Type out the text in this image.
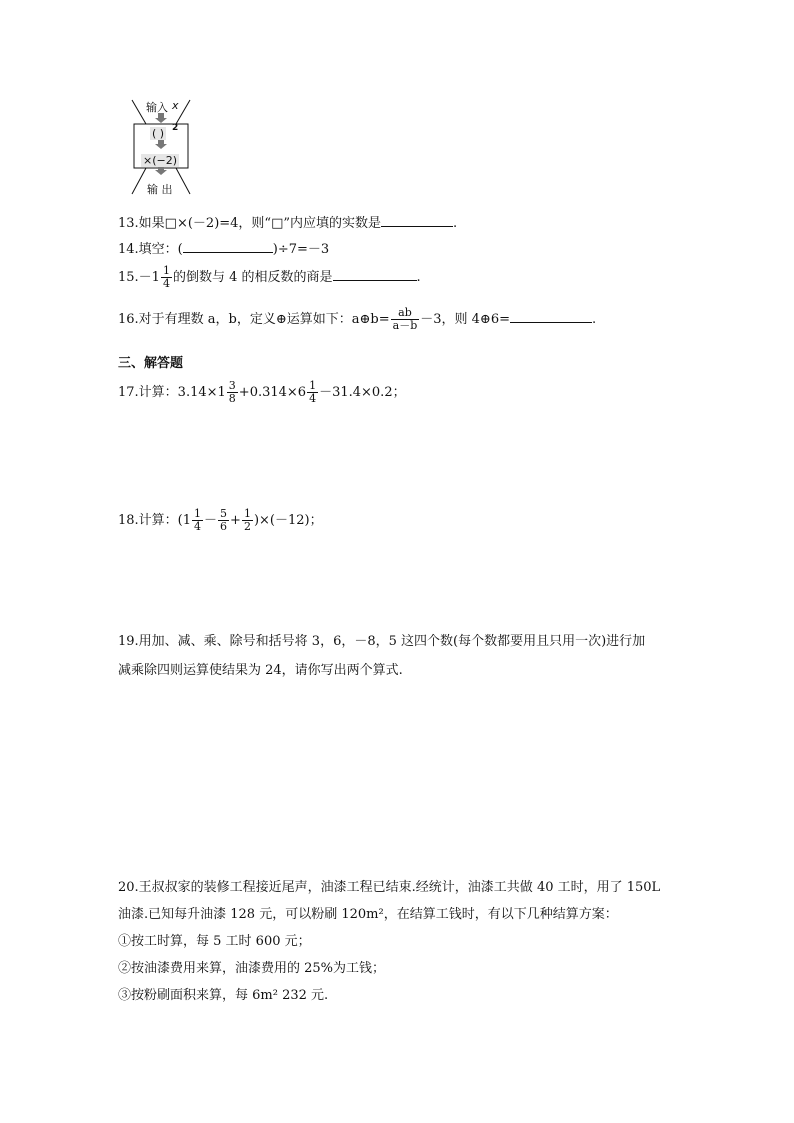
输入 x
( ) 2
×(−2)
输 出
13.如果□×(－2)=4，则“□”内应填的实数是	.
14.填空：(	)÷7=－3
$15.-1 \frac{1}{4}$ 的倒数与 4 的相反数的商是	.
16.对于有理数 a，b，定义⊕运算如下：a⊕b= $\frac{ab}{a-b} -3$，则 4⊕6=	.
三、解答题
17.计算：$3.14\times 1 \frac{3}{8} +0.314\times 6 \frac{1}{4} -31.4\times 0.2$；
18.计算：$(1 \frac{1}{4} - \frac{5}{6} + \frac{1}{2} )\times(-12)$；
19.用加、减、乘、除号和括号将 3，6，－8，5 这四个数(每个数都要用且只用一次)进行加
减乘除四则运算使结果为 24，请你写出两个算式.
20.王叔叔家的装修工程接近尾声，油漆工程已结束.经统计，油漆工共做 40 工时，用了 150L
油漆.已知每升油漆 128 元，可以粉刷 120m²，在结算工钱时，有以下几种结算方案：
①按工时算，每 5 工时 600 元；
②按油漆费用来算，油漆费用的 25%为工钱；
③按粉刷面积来算，每 6m² 232 元.
